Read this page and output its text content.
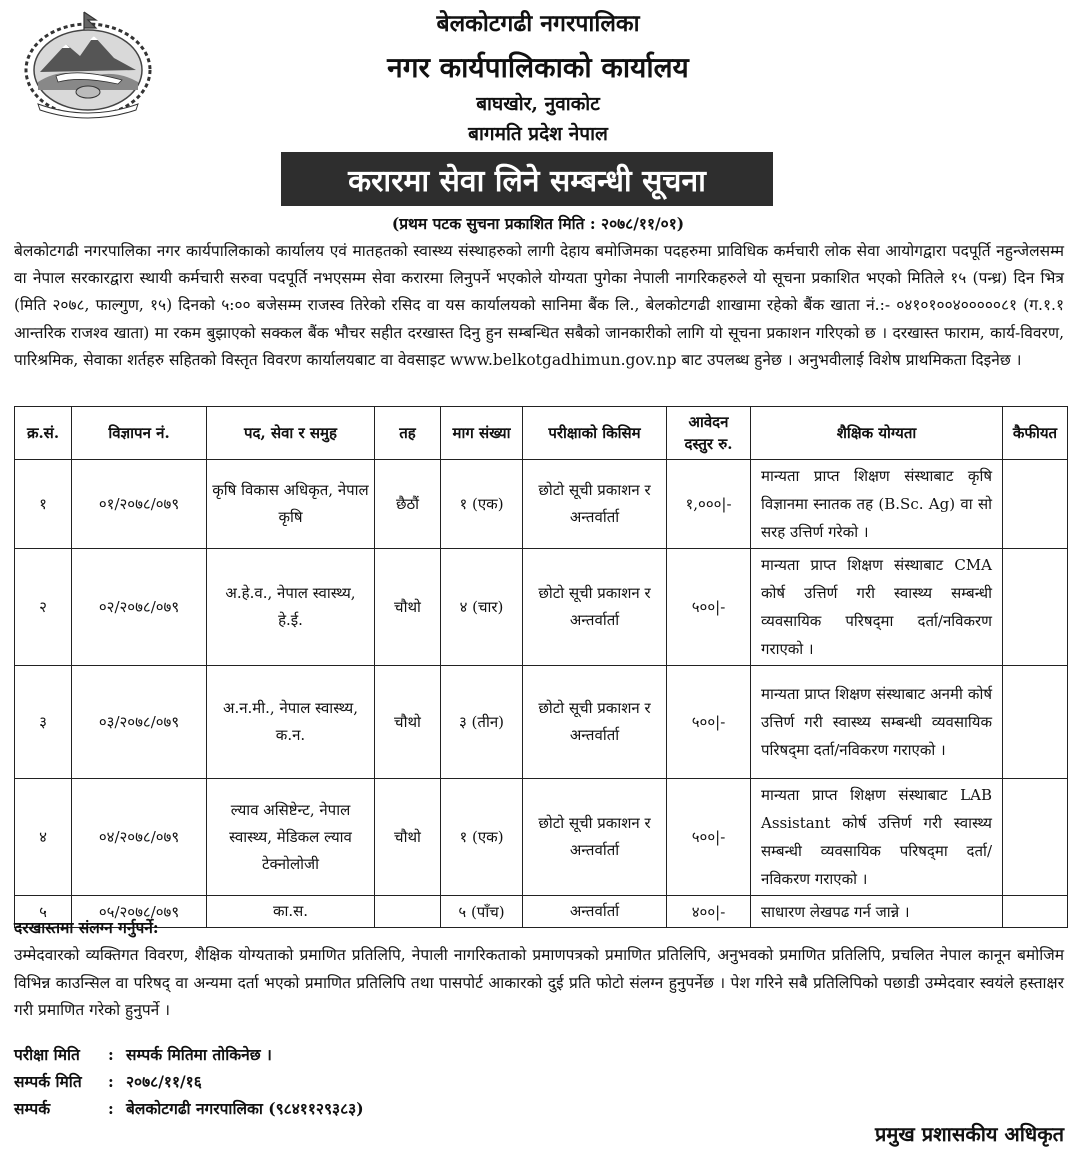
बेलकोटगढी नगरपालिका
नगर कार्यपालिकाको कार्यालय
बाघखोर, नुवाकोट
बागमति प्रदेश नेपाल
करारमा सेवा लिने सम्बन्धी सूचना
(प्रथम पटक सुचना प्रकाशित मिति : २०७८/११/०१)

बेलकोटगढी नगरपालिका नगर कार्यपालिकाको कार्यालय एवं मातहतको स्वास्थ्य संस्थाहरुको लागी देहाय बमोजिमका पदहरुमा प्राविधिक कर्मचारी लोक सेवा आयोगद्वारा पदपूर्ति नहुन्जेलसम्म वा नेपाल सरकारद्वारा स्थायी कर्मचारी सरुवा पदपूर्ति नभएसम्म सेवा करारमा लिनुपर्ने भएकोले योग्यता पुगेका नेपाली नागरिकहरुले यो सूचना प्रकाशित भएको मितिले १५ (पन्ध्र) दिन भित्र (मिति २०७८, फाल्गुण, १५) दिनको ५:०० बजेसम्म राजस्व तिरेको रसिद वा यस कार्यालयको सानिमा बैंक लि., बेलकोटगढी शाखामा रहेको बैंक खाता नं.:- ०४१०१००४०००००८१ (ग.१.१ आन्तरिक राजश्व खाता) मा रकम बुझाएको सक्कल बैंक भौचर सहीत दरखास्त दिनु हुन सम्बन्धित सबैको जानकारीको लागि यो सूचना प्रकाशन गरिएको छ । दरखास्त फाराम, कार्य-विवरण, पारिश्रमिक, सेवाका शर्तहरु सहितको विस्तृत विवरण कार्यालयबाट वा वेवसाइट www.belkotgadhimun.gov.np बाट उपलब्ध हुनेछ । अनुभवीलाई विशेष प्राथमिकता दिइनेछ ।

क्र.सं.	विज्ञापन नं.	पद, सेवा र समुह	तह	माग संख्या	परीक्षाको किसिम	आवेदन दस्तुर रु.	शैक्षिक योग्यता	कैफीयत
१	०१/२०७८/०७९	कृषि विकास अधिकृत, नेपाल कृषि	छैठौं	१ (एक)	छोटो सूची प्रकाशन र अन्तर्वार्ता	१,०००|-	मान्यता प्राप्त शिक्षण संस्थाबाट कृषि विज्ञानमा स्नातक तह (B.Sc. Ag) वा सो सरह उत्तिर्ण गरेको ।	
२	०२/२०७८/०७९	अ.हे.व., नेपाल स्वास्थ्य, हे.ई.	चौथो	४ (चार)	छोटो सूची प्रकाशन र अन्तर्वार्ता	५००|-	मान्यता प्राप्त शिक्षण संस्थाबाट CMA कोर्ष उत्तिर्ण गरी स्वास्थ्य सम्बन्धी व्यवसायिक परिषद्‌मा दर्ता/नविकरण गराएको ।	
३	०३/२०७८/०७९	अ.न.मी., नेपाल स्वास्थ्य, क.न.	चौथो	३ (तीन)	छोटो सूची प्रकाशन र अन्तर्वार्ता	५००|-	मान्यता प्राप्त शिक्षण संस्थाबाट अनमी कोर्ष उत्तिर्ण गरी स्वास्थ्य सम्बन्धी व्यवसायिक परिषद्‌मा दर्ता/नविकरण गराएको ।	
४	०४/२०७८/०७९	ल्याव असिष्टेन्ट, नेपाल स्वास्थ्य, मेडिकल ल्याव टेक्नोलोजी	चौथो	१ (एक)	छोटो सूची प्रकाशन र अन्तर्वार्ता	५००|-	मान्यता प्राप्त शिक्षण संस्थाबाट LAB Assistant कोर्ष उत्तिर्ण गरी स्वास्थ्य सम्बन्धी व्यवसायिक परिषद्‌मा दर्ता/नविकरण गराएको ।	
५	०५/२०७८/०७९	का.स.		५ (पाँच)	अन्तर्वार्ता	४००|-	साधारण लेखपढ गर्न जान्ने ।	
दरखास्तमा संलग्न गर्नुपर्ने:

उम्मेदवारको व्यक्तिगत विवरण, शैक्षिक योग्यताको प्रमाणित प्रतिलिपि, नेपाली नागरिकताको प्रमाणपत्रको प्रमाणित प्रतिलिपि, अनुभवको प्रमाणित प्रतिलिपि, प्रचलित नेपाल कानून बमोजिम विभिन्न काउन्सिल वा परिषद् वा अन्यमा दर्ता भएको प्रमाणित प्रतिलिपि तथा पासपोर्ट आकारको दुई प्रति फोटो संलग्न हुनुपर्नेछ । पेश गरिने सबै प्रतिलिपिको पछाडी उम्मेदवार स्वयंले हस्ताक्षर गरी प्रमाणित गरेको हुनुपर्ने ।

परीक्षा मिति : सम्पर्क मितिमा तोकिनेछ ।
सम्पर्क मिति : २०७८/११/१६
सम्पर्क	: बेलकोटगढी नगरपालिका (९८४११२९३८३)
प्रमुख प्रशासकीय अधिकृत
